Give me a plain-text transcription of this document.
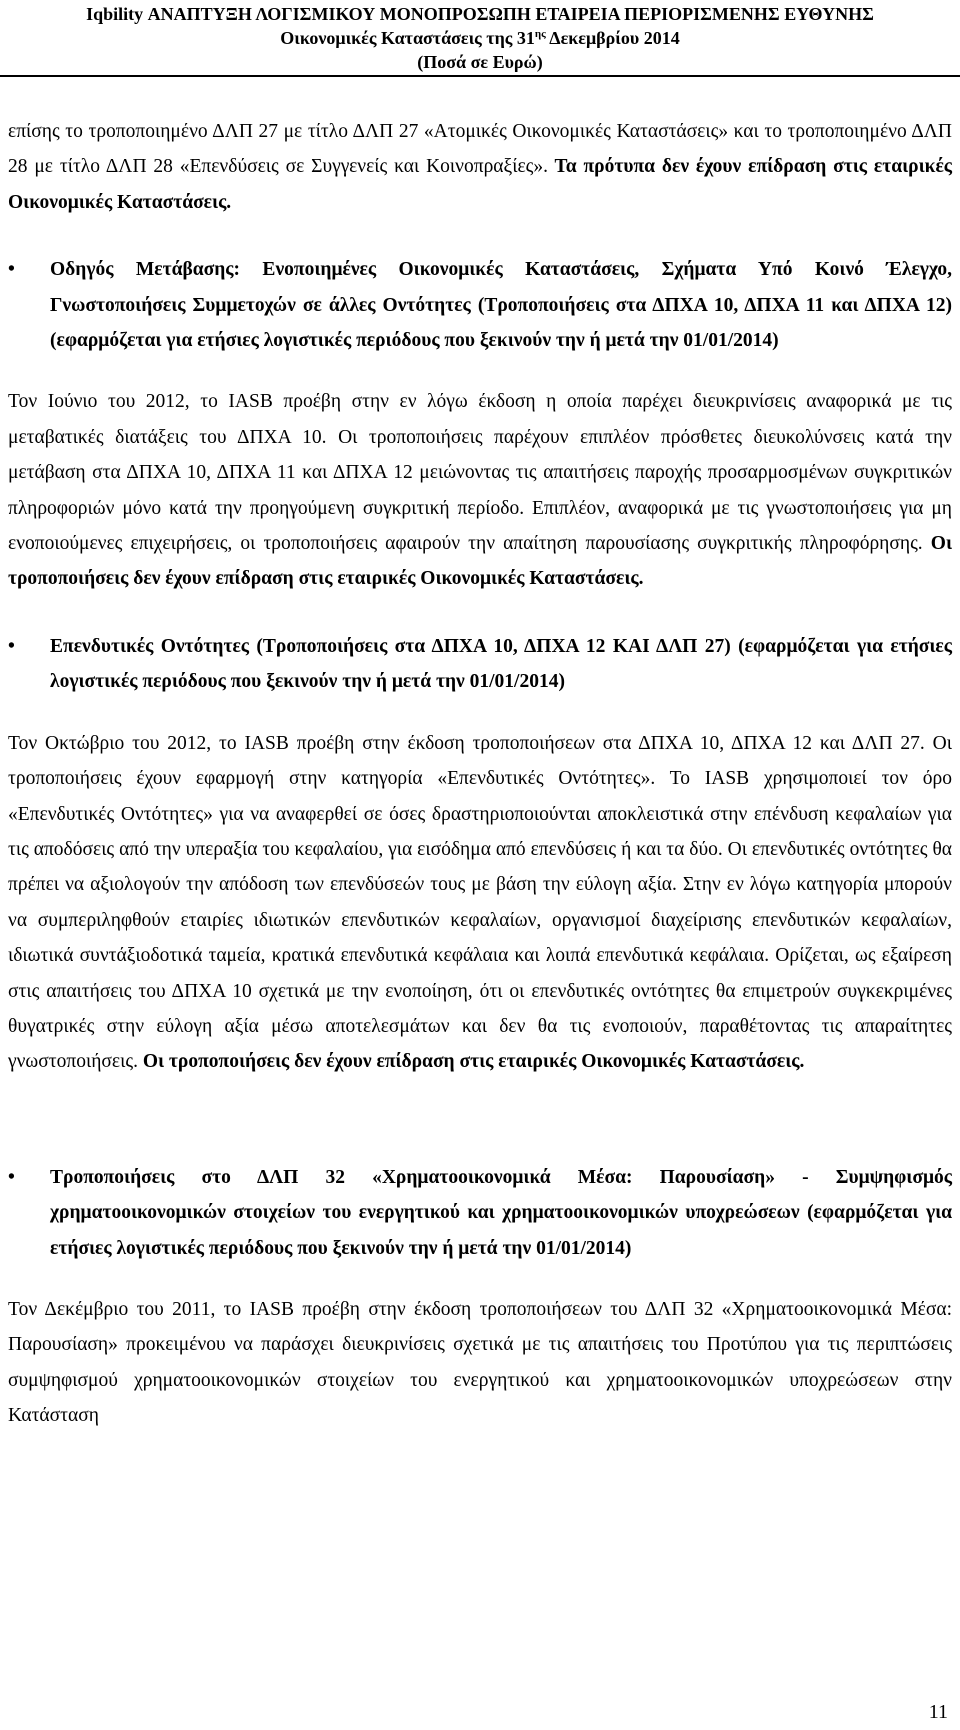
Iqbility ΑΝΑΠΤΥΞΗ ΛΟΓΙΣΜΙΚΟΥ ΜΟΝΟΠΡΟΣΩΠΗ ΕΤΑΙΡΕΙΑ ΠΕΡΙΟΡΙΣΜΕΝΗΣ ΕΥΘΥΝΗΣ
Οικονομικές Καταστάσεις της $31^{\eta\varsigma}$ Δεκεμβρίου 2014
(Ποσά σε Ευρώ)

επίσης το τροποποιημένο ΔΛΠ 27 με τίτλο ΔΛΠ 27 «Ατομικές Οικονομικές Καταστάσεις» και το τροποποιημένο ΔΛΠ 28 με τίτλο ΔΛΠ 28 «Επενδύσεις σε Συγγενείς και Κοινοπραξίες». Τα πρότυπα δεν έχουν επίδραση στις εταιρικές Οικονομικές Καταστάσεις.

•	Οδηγός Μετάβασης: Ενοποιημένες Οικονομικές Καταστάσεις, Σχήματα Υπό Κοινό Έλεγχο, Γνωστοποιήσεις Συμμετοχών σε άλλες Οντότητες (Τροποποιήσεις στα ΔΠΧΑ 10, ΔΠΧΑ 11 και ΔΠΧΑ 12) (εφαρμόζεται για ετήσιες λογιστικές περιόδους που ξεκινούν την ή μετά την 01/01/2014)

Τον Ιούνιο του 2012, το IASB προέβη στην εν λόγω έκδοση η οποία παρέχει διευκρινίσεις αναφορικά με τις μεταβατικές διατάξεις του ΔΠΧΑ 10. Οι τροποποιήσεις παρέχουν επιπλέον πρόσθετες διευκολύνσεις κατά την μετάβαση στα ΔΠΧΑ 10, ΔΠΧΑ 11 και ΔΠΧΑ 12 μειώνοντας τις απαιτήσεις παροχής προσαρμοσμένων συγκριτικών πληροφοριών μόνο κατά την προηγούμενη συγκριτική περίοδο. Επιπλέον, αναφορικά με τις γνωστοποιήσεις για μη ενοποιούμενες επιχειρήσεις, οι τροποποιήσεις αφαιρούν την απαίτηση παρουσίασης συγκριτικής πληροφόρησης. Οι τροποποιήσεις δεν έχουν επίδραση στις εταιρικές Οικονομικές Καταστάσεις.

•	Επενδυτικές Οντότητες (Τροποποιήσεις στα ΔΠΧΑ 10, ΔΠΧΑ 12 ΚΑΙ ΔΛΠ 27) (εφαρμόζεται για ετήσιες λογιστικές περιόδους που ξεκινούν την ή μετά την 01/01/2014)

Τον Οκτώβριο του 2012, το IASB προέβη στην έκδοση τροποποιήσεων στα ΔΠΧΑ 10, ΔΠΧΑ 12 και ΔΛΠ 27. Οι τροποποιήσεις έχουν εφαρμογή στην κατηγορία «Επενδυτικές Οντότητες». Το IASB χρησιμοποιεί τον όρο «Επενδυτικές Οντότητες» για να αναφερθεί σε όσες δραστηριοποιούνται αποκλειστικά στην επένδυση κεφαλαίων για τις αποδόσεις από την υπεραξία του κεφαλαίου, για εισόδημα από επενδύσεις ή και τα δύο. Οι επενδυτικές οντότητες θα πρέπει να αξιολογούν την απόδοση των επενδύσεών τους με βάση την εύλογη αξία. Στην εν λόγω κατηγορία μπορούν να συμπεριληφθούν εταιρίες ιδιωτικών επενδυτικών κεφαλαίων, οργανισμοί διαχείρισης επενδυτικών κεφαλαίων, ιδιωτικά συντάξιοδοτικά ταμεία, κρατικά επενδυτικά κεφάλαια και λοιπά επενδυτικά κεφάλαια. Ορίζεται, ως εξαίρεση στις απαιτήσεις του ΔΠΧΑ 10 σχετικά με την ενοποίηση, ότι οι επενδυτικές οντότητες θα επιμετρούν συγκεκριμένες θυγατρικές στην εύλογη αξία μέσω αποτελεσμάτων και δεν θα τις ενοποιούν, παραθέτοντας τις απαραίτητες γνωστοποιήσεις. Οι τροποποιήσεις δεν έχουν επίδραση στις εταιρικές Οικονομικές Καταστάσεις.

•	Τροποποιήσεις στο ΔΛΠ 32 «Χρηματοοικονομικά Μέσα: Παρουσίαση» - Συμψηφισμός χρηματοοικονομικών στοιχείων του ενεργητικού και χρηματοοικονομικών υποχρεώσεων (εφαρμόζεται για ετήσιες λογιστικές περιόδους που ξεκινούν την ή μετά την 01/01/2014)

Τον Δεκέμβριο του 2011, το IASB προέβη στην έκδοση τροποποιήσεων του ΔΛΠ 32 «Χρηματοοικονομικά Μέσα: Παρουσίαση» προκειμένου να παράσχει διευκρινίσεις σχετικά με τις απαιτήσεις του Προτύπου για τις περιπτώσεις συμψηφισμού χρηματοοικονομικών στοιχείων του ενεργητικού και χρηματοοικονομικών υποχρεώσεων στην Κατάσταση

11
